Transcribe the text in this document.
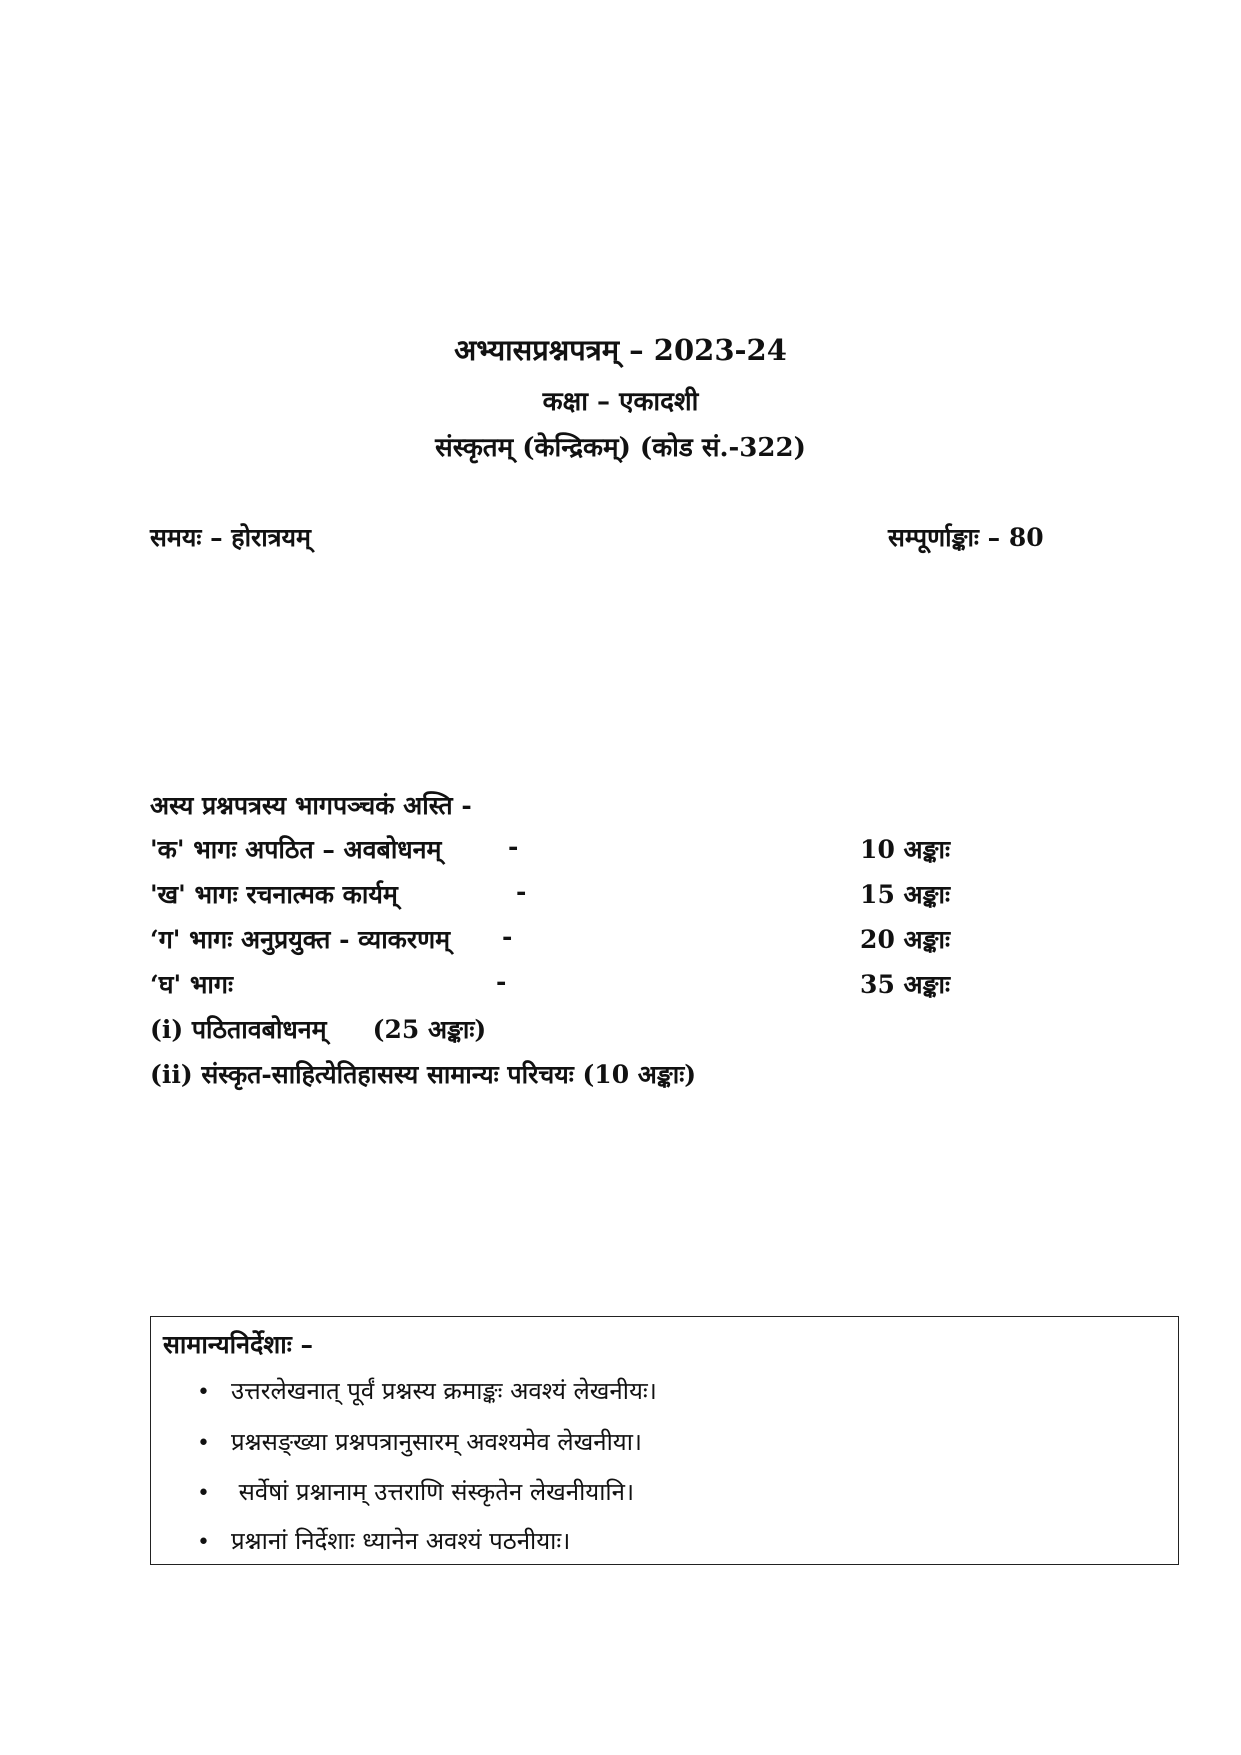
अभ्यासप्रश्नपत्रम् – 2023-24
कक्षा – एकादशी
संस्कृतम् (केन्द्रिकम्) (कोड सं.-322)
समयः – होरात्रयम्	सम्पूर्णाङ्काः – 80
अस्य प्रश्नपत्रस्य भागपञ्चकं अस्ति -
'क' भागः अपठित – अवबोधनम्	-	10 अङ्काः
'ख' भागः रचनात्मक कार्यम्	-	15 अङ्काः
‘ग' भागः अनुप्रयुक्त - व्याकरणम् -	20 अङ्काः
‘घ' भागः	-	35 अङ्काः
(i) पठितावबोधनम् (25 अङ्काः)
(ii) संस्कृत-साहित्येतिहासस्य सामान्यः परिचयः (10 अङ्काः)
सामान्यनिर्देशाः –
• उत्तरलेखनात् पूर्वं प्रश्नस्य क्रमाङ्कः अवश्यं लेखनीयः।
• प्रश्नसङ्ख्या प्रश्नपत्रानुसारम् अवश्यमेव लेखनीया।
• सर्वेषां प्रश्नानाम् उत्तराणि संस्कृतेन लेखनीयानि।
• प्रश्नानां निर्देशाः ध्यानेन अवश्यं पठनीयाः।
